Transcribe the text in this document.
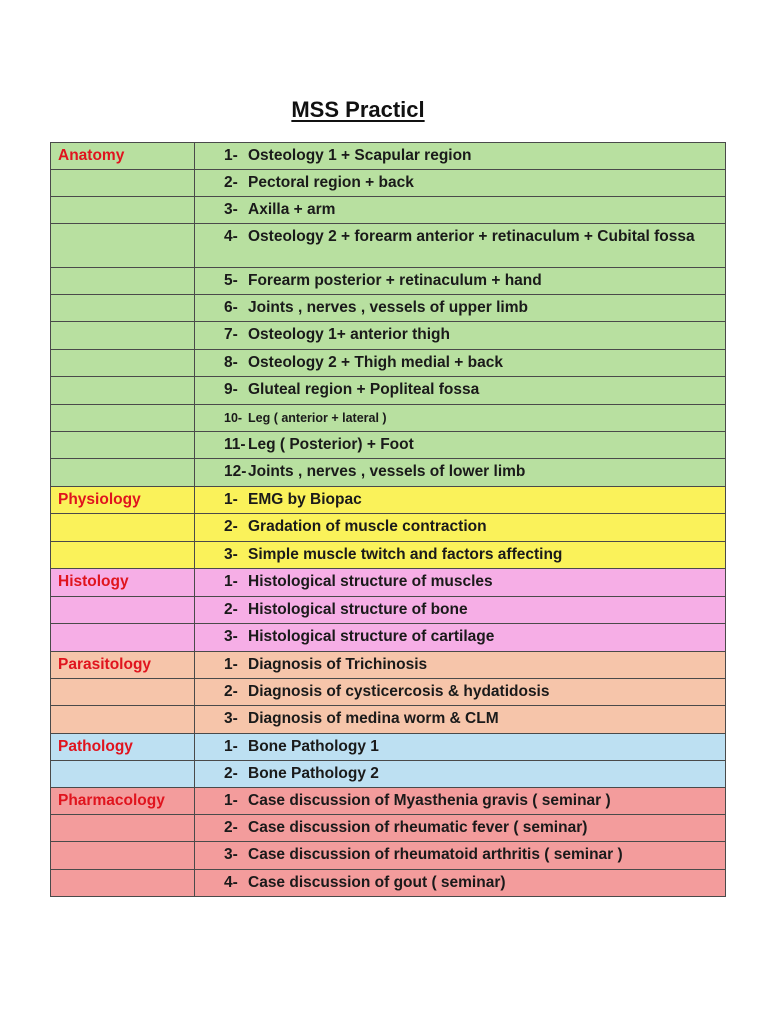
MSS Practicl
Anatomy	1- Osteology 1 + Scapular region

	2- Pectoral region + back

	3- Axilla + arm

	4- Osteology 2 + forearm anterior + retinaculum + Cubital fossa

	5- Forearm posterior + retinaculum + hand

	6- Joints , nerves , vessels of upper limb

	7- Osteology 1+ anterior thigh

	8- Osteology 2 + Thigh medial + back

	9- Gluteal region + Popliteal fossa

	10- Leg ( anterior + lateral )

	11- Leg ( Posterior) + Foot

	12- Joints , nerves , vessels of lower limb

Physiology	1- EMG by Biopac

	2- Gradation of muscle contraction

	3- Simple muscle twitch and factors affecting

Histology	1- Histological structure of muscles

	2- Histological structure of bone

	3- Histological structure of cartilage

Parasitology	1- Diagnosis of Trichinosis

	2- Diagnosis of cysticercosis & hydatidosis

	3- Diagnosis of medina worm & CLM

Pathology	1- Bone Pathology 1

	2- Bone Pathology 2

Pharmacology	1- Case discussion of Myasthenia gravis ( seminar )

	2- Case discussion of rheumatic fever ( seminar)

	3- Case discussion of rheumatoid arthritis ( seminar )

	4- Case discussion of gout ( seminar)
